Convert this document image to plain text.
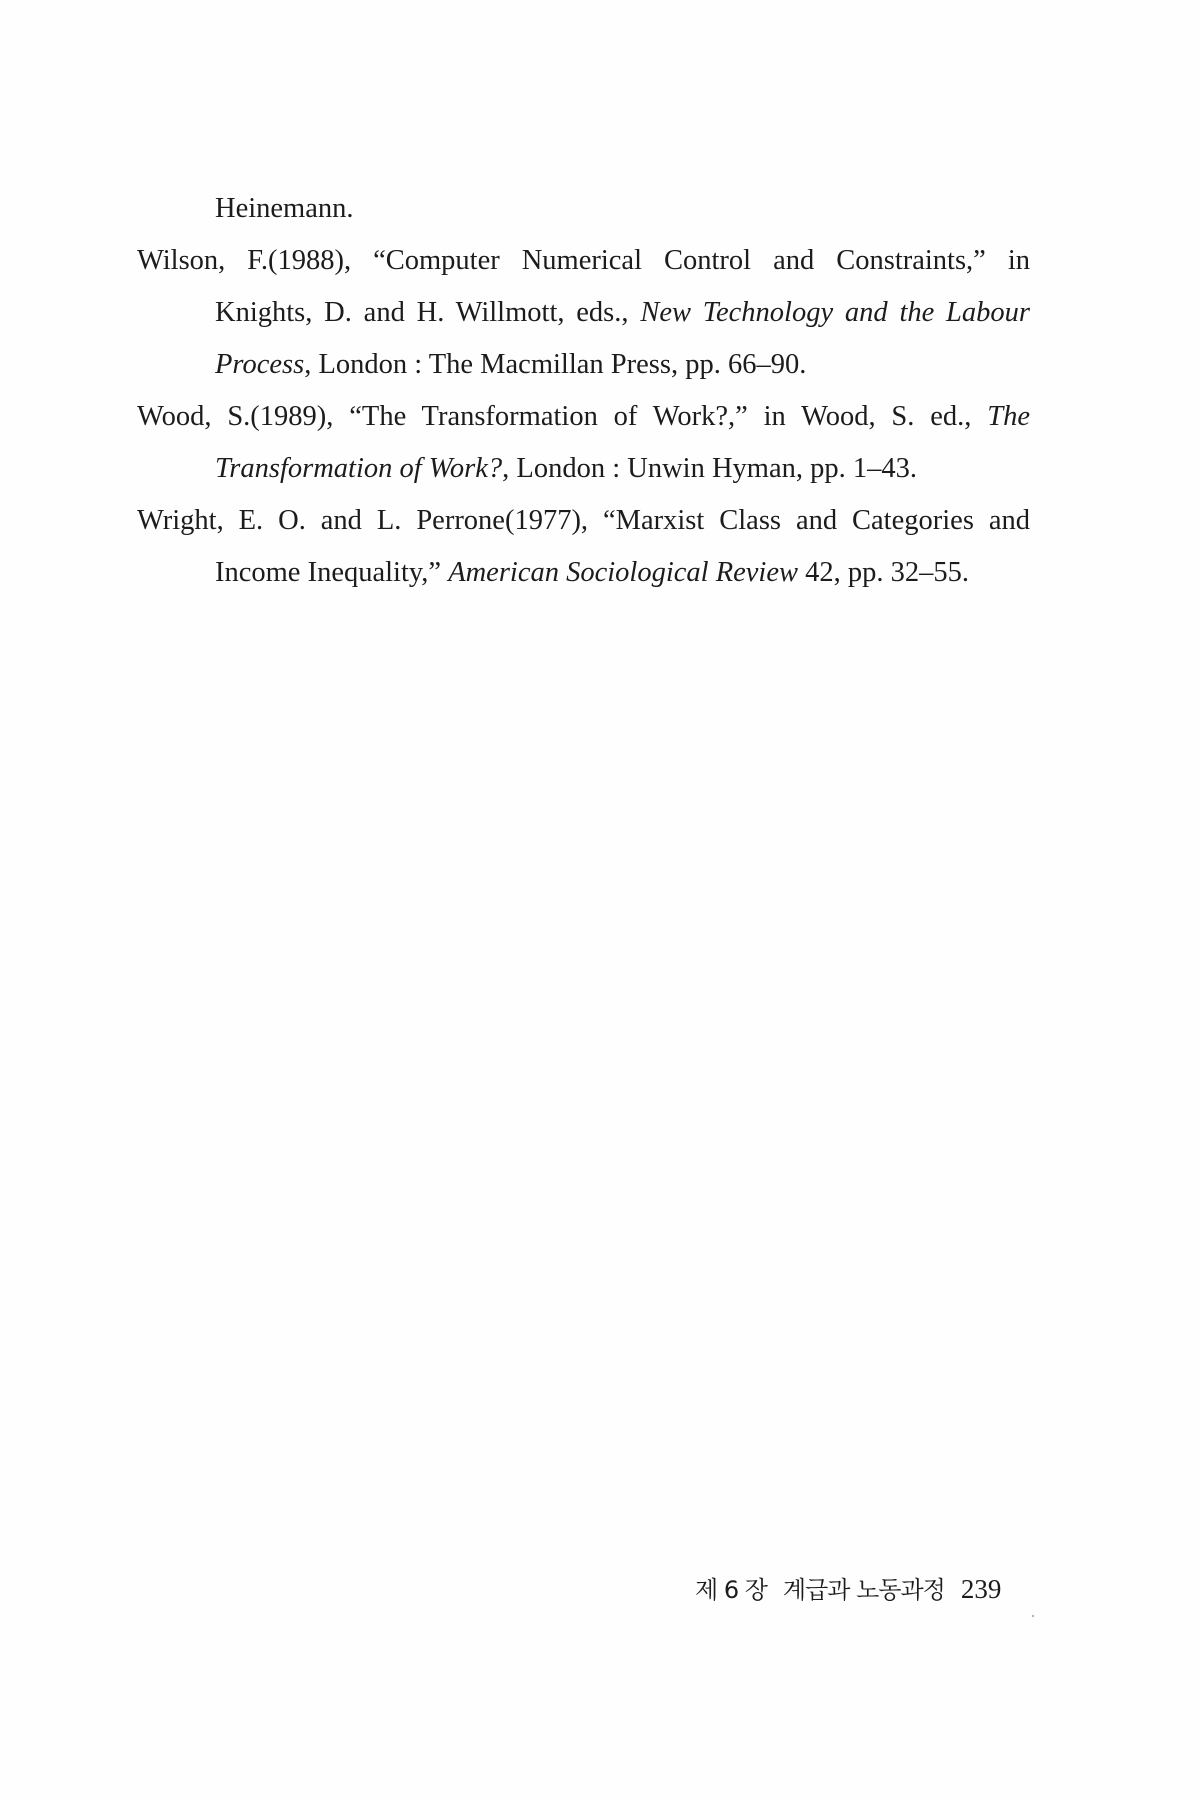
Heinemann.
Wilson, F.(1988), “Computer Numerical Control and Constraints,” in Knights, D. and H. Willmott, eds., New Technology and the Labour Process, London : The Macmillan Press, pp. 66–90.
Wood, S.(1989), “The Transformation of Work?,” in Wood, S. ed., The Transformation of Work?, London : Unwin Hyman, pp. 1–43.
Wright, E. O. and L. Perrone(1977), “Marxist Class and Categories and Income Inequality,” American Sociological Review 42, pp. 32–55.
제 6 장 계급과 노동과정 239
